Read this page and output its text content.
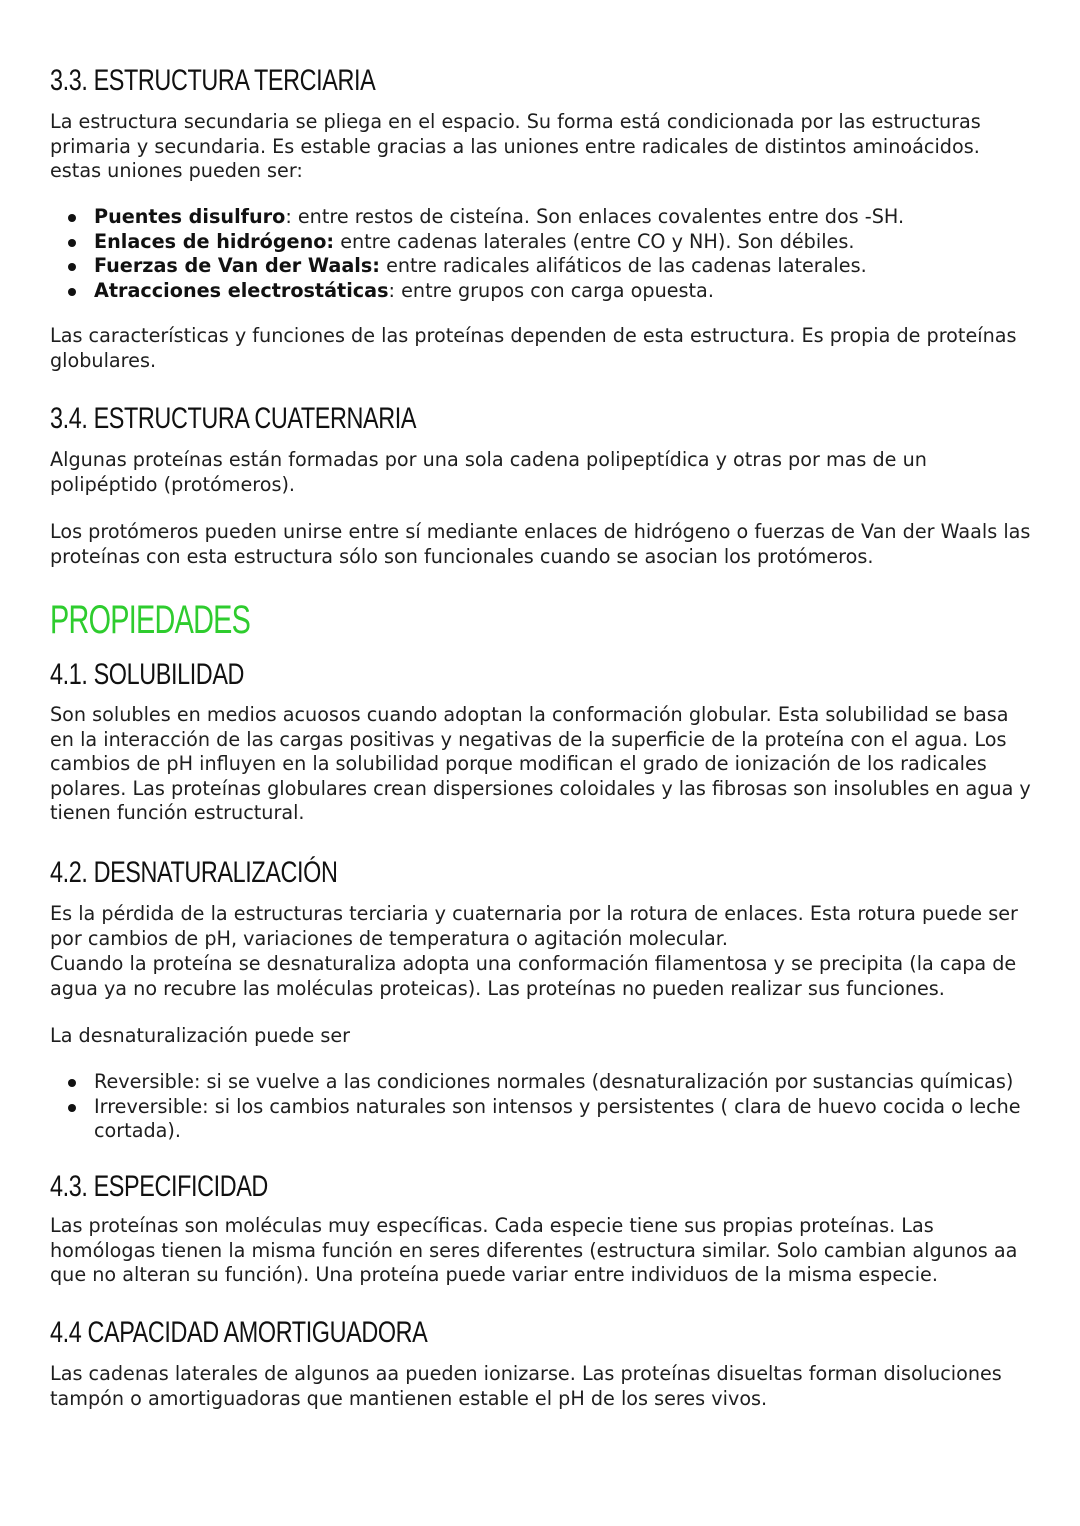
3.3. ESTRUCTURA TERCIARIA

La estructura secundaria se pliega en el espacio. Su forma está condicionada por las estructuras primaria y secundaria. Es estable gracias a las uniones entre radicales de distintos aminoácidos. estas uniones pueden ser:

Puentes disulfuro: entre restos de cisteína. Son enlaces covalentes entre dos -SH.
Enlaces de hidrógeno: entre cadenas laterales (entre CO y NH). Son débiles.
Fuerzas de Van der Waals: entre radicales alifáticos de las cadenas laterales.
Atracciones electrostáticas: entre grupos con carga opuesta.

Las características y funciones de las proteínas dependen de esta estructura. Es propia de proteínas globulares.

3.4. ESTRUCTURA CUATERNARIA

Algunas proteínas están formadas por una sola cadena polipeptídica y otras por mas de un polipéptido (protómeros).

Los protómeros pueden unirse entre sí mediante enlaces de hidrógeno o fuerzas de Van der Waals las proteínas con esta estructura sólo son funcionales cuando se asocian los protómeros.

PROPIEDADES
4.1. SOLUBILIDAD

Son solubles en medios acuosos cuando adoptan la conformación globular. Esta solubilidad se basa en la interacción de las cargas positivas y negativas de la superficie de la proteína con el agua. Los cambios de pH influyen en la solubilidad porque modifican el grado de ionización de los radicales polares. Las proteínas globulares crean dispersiones coloidales y las fibrosas son insolubles en agua y tienen función estructural.

4.2. DESNATURALIZACIÓN

Es la pérdida de la estructuras terciaria y cuaternaria por la rotura de enlaces. Esta rotura puede ser por cambios de pH, variaciones de temperatura o agitación molecular.

Cuando la proteína se desnaturaliza adopta una conformación filamentosa y se precipita (la capa de agua ya no recubre las moléculas proteicas). Las proteínas no pueden realizar sus funciones.

La desnaturalización puede ser

Reversible: si se vuelve a las condiciones normales (desnaturalización por sustancias químicas)
Irreversible: si los cambios naturales son intensos y persistentes ( clara de huevo cocida o leche cortada).
4.3. ESPECIFICIDAD

Las proteínas son moléculas muy específicas. Cada especie tiene sus propias proteínas. Las homólogas tienen la misma función en seres diferentes (estructura similar. Solo cambian algunos aa que no alteran su función). Una proteína puede variar entre individuos de la misma especie.

4.4 CAPACIDAD AMORTIGUADORA

Las cadenas laterales de algunos aa pueden ionizarse. Las proteínas disueltas forman disoluciones tampón o amortiguadoras que mantienen estable el pH de los seres vivos.
